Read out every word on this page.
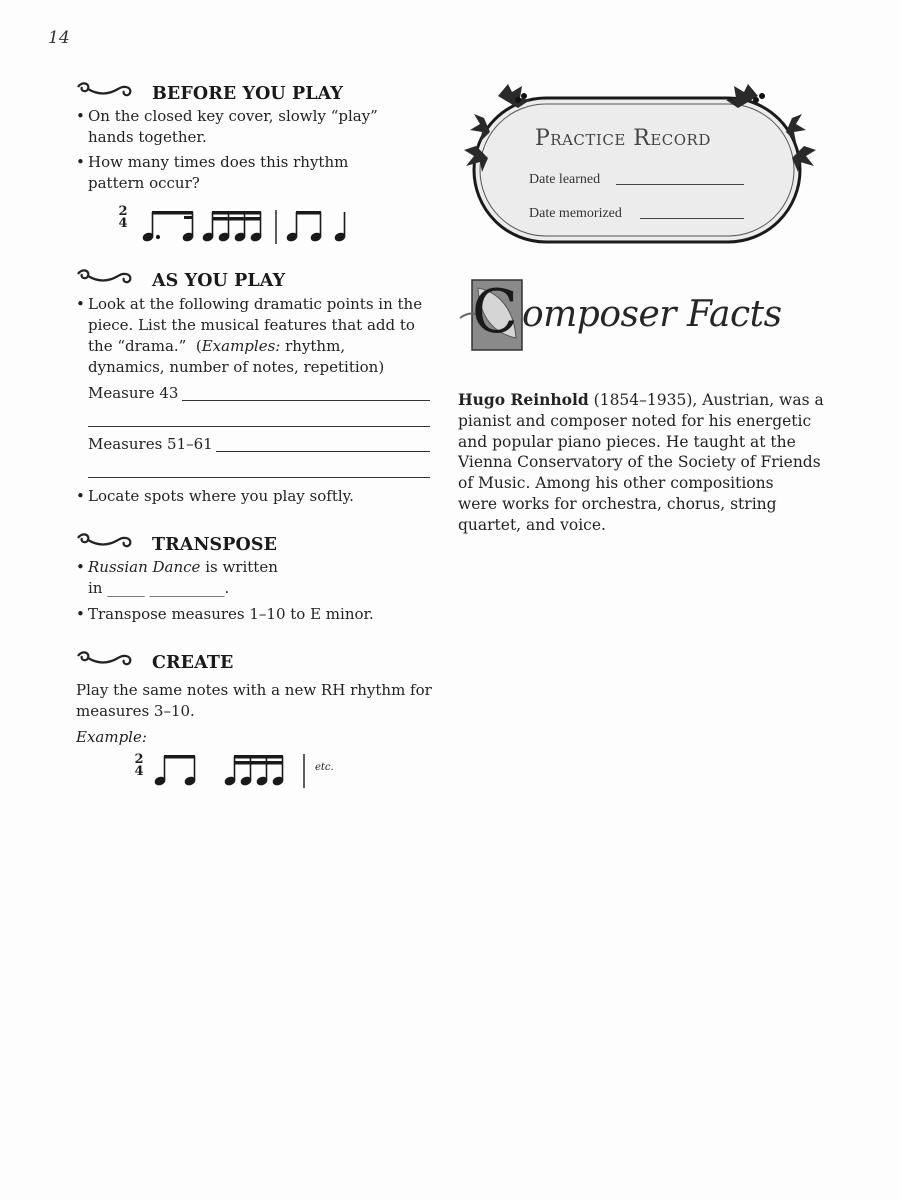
14
BEFORE YOU PLAY
• On the closed key cover, slowly “play”
hands together.
• How many times does this rhythm
pattern occur?
2
4
AS YOU PLAY
• Look at the following dramatic points in the
piece. List the musical features that add to
the “drama.”  (Examples: rhythm,
dynamics, number of notes, repetition)
Measure 43
Measures 51–61
• Locate spots where you play softly.
TRANSPOSE
• Russian Dance is written
in _____ __________.
• Transpose measures 1–10 to E minor.
CREATE
Play the same notes with a new RH rhythm for
measures 3–10.
Example:
2
4	etc.
Practice Record
Date learned
Date memorized
C omposer Facts
Hugo Reinhold (1854–1935), Austrian, was a
pianist and composer noted for his energetic
and popular piano pieces. He taught at the
Vienna Conservatory of the Society of Friends
of Music. Among his other compositions
were works for orchestra, chorus, string
quartet, and voice.
